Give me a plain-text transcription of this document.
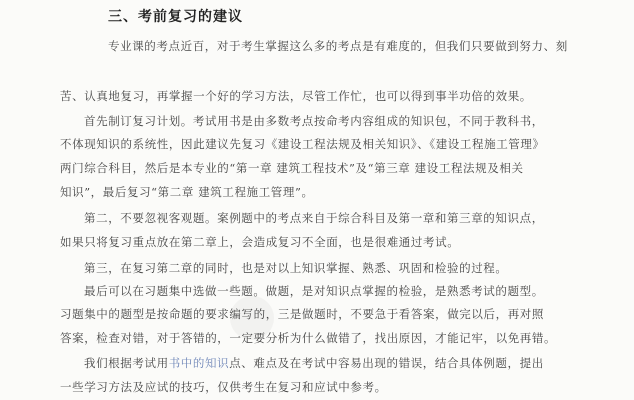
三、考前复习的建议
专业课的考点近百，对于考生掌握这么多的考点是有难度的，但我们只要做到努力、刻
苦、认真地复习，再掌握一个好的学习方法，尽管工作忙，也可以得到事半功倍的效果。
首先制订复习计划。考试用书是由多数考点按命考内容组成的知识包，不同于教科书，
不体现知识的系统性，因此建议先复习《建设工程法规及相关知识》、《建设工程施工管理》
两门综合科目，然后是本专业的“第一章 建筑工程技术”及“第三章 建设工程法规及相关
知识”，最后复习“第二章 建筑工程施工管理”。
第二，不要忽视客观题。案例题中的考点来自于综合科目及第一章和第三章的知识点，
如果只将复习重点放在第二章上，会造成复习不全面，也是很难通过考试。
第三，在复习第二章的同时，也是对以上知识掌握、熟悉、巩固和检验的过程。
最后可以在习题集中选做一些题。做题，是对知识点掌握的检验，是熟悉考试的题型。
习题集中的题型是按命题的要求编写的，三是做题时，不要急于看答案，做完以后，再对照
答案，检查对错，对于答错的，一定要分析为什么做错了，找出原因，才能记牢，以免再错。
我们根据考试用书中的知识点、难点及在考试中容易出现的错误，结合具体例题，提出
一些学习方法及应试的技巧，仅供考生在复习和应试中参考。
